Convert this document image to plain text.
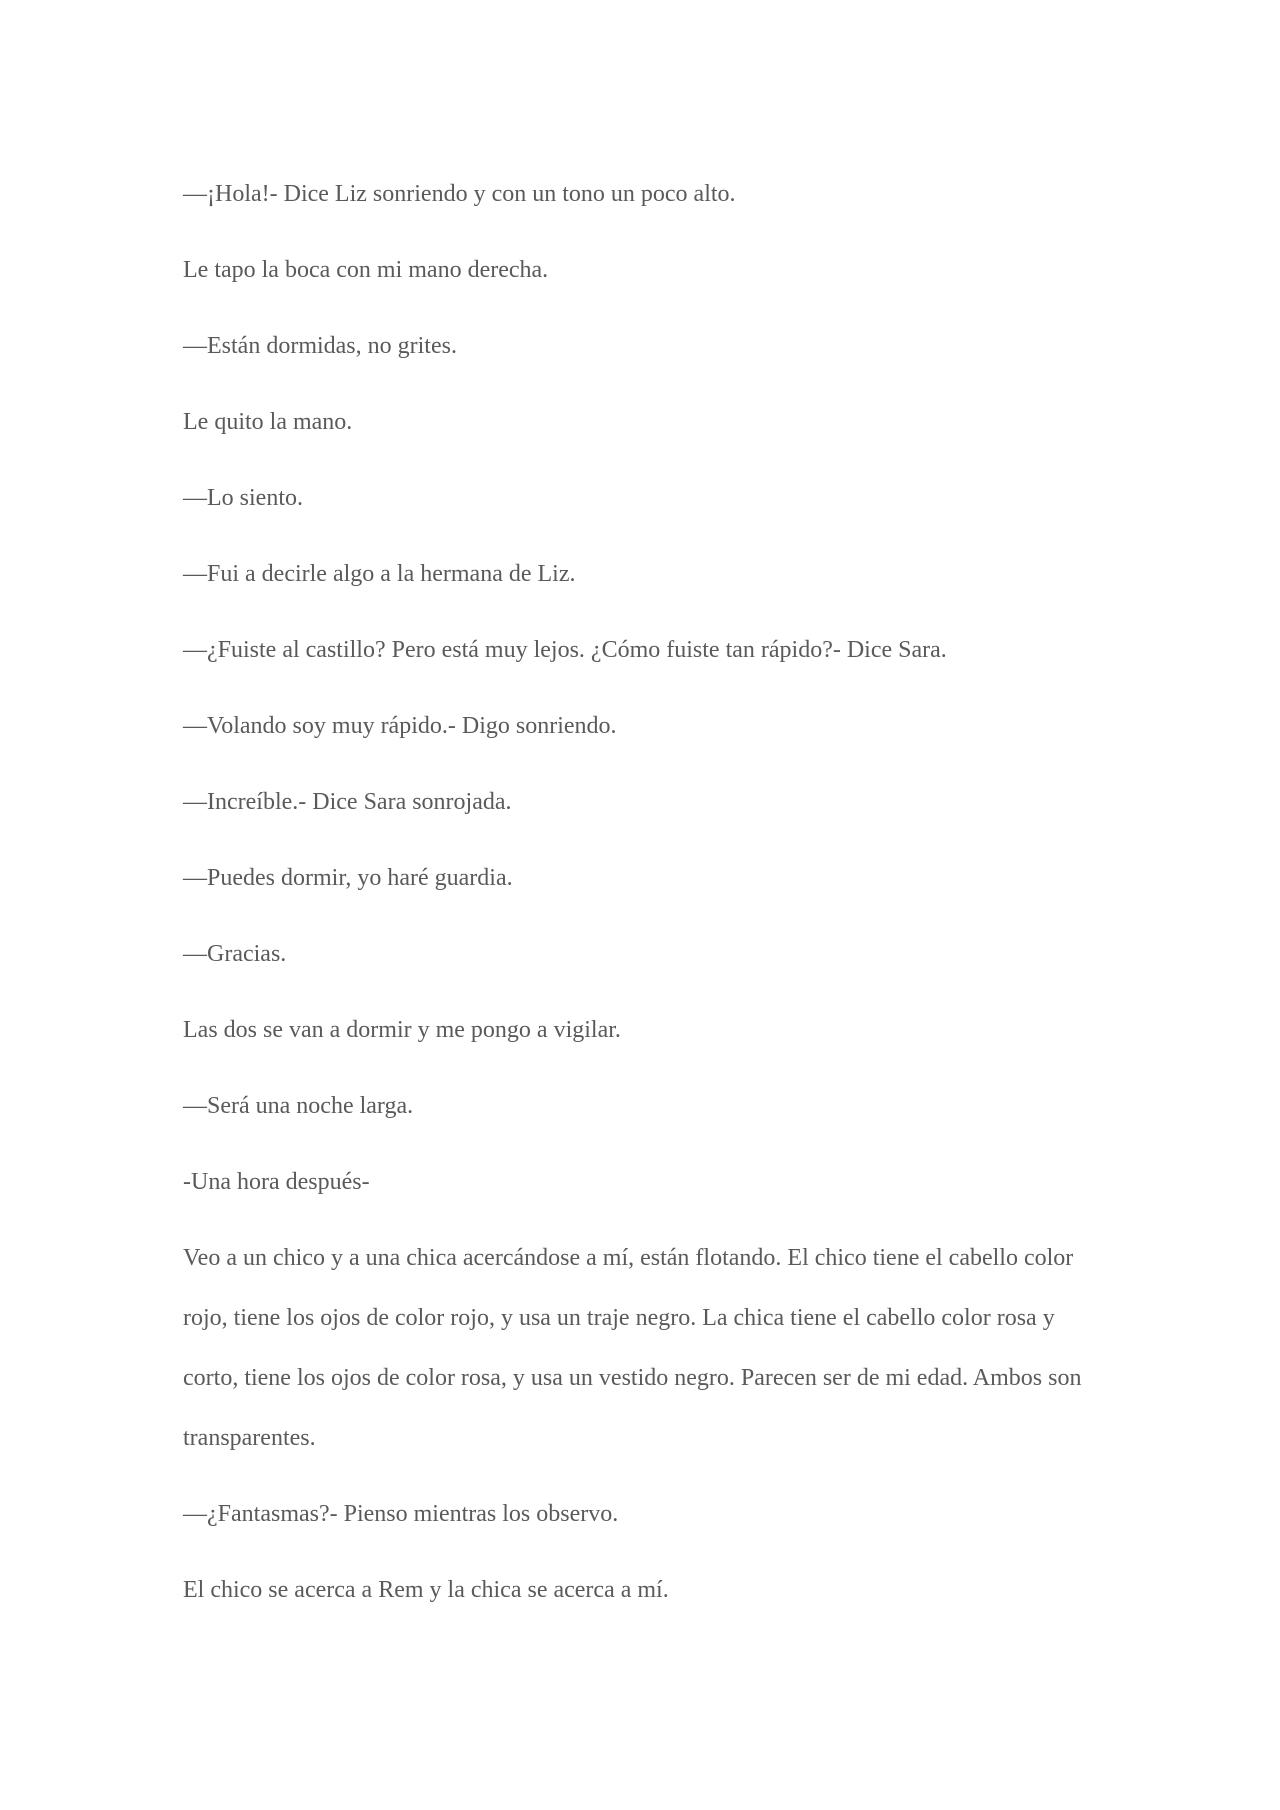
—¡Hola!- Dice Liz sonriendo y con un tono un poco alto.

Le tapo la boca con mi mano derecha.

—Están dormidas, no grites.

Le quito la mano.

—Lo siento.

—Fui a decirle algo a la hermana de Liz.

—¿Fuiste al castillo? Pero está muy lejos. ¿Cómo fuiste tan rápido?- Dice Sara.

—Volando soy muy rápido.- Digo sonriendo.

—Increíble.- Dice Sara sonrojada.

—Puedes dormir, yo haré guardia.

—Gracias.

Las dos se van a dormir y me pongo a vigilar.

—Será una noche larga.

-Una hora después-

Veo a un chico y a una chica acercándose a mí, están flotando. El chico tiene el cabello color rojo, tiene los ojos de color rojo, y usa un traje negro. La chica tiene el cabello color rosa y corto, tiene los ojos de color rosa, y usa un vestido negro. Parecen ser de mi edad. Ambos son transparentes.

—¿Fantasmas?- Pienso mientras los observo.

El chico se acerca a Rem y la chica se acerca a mí.
